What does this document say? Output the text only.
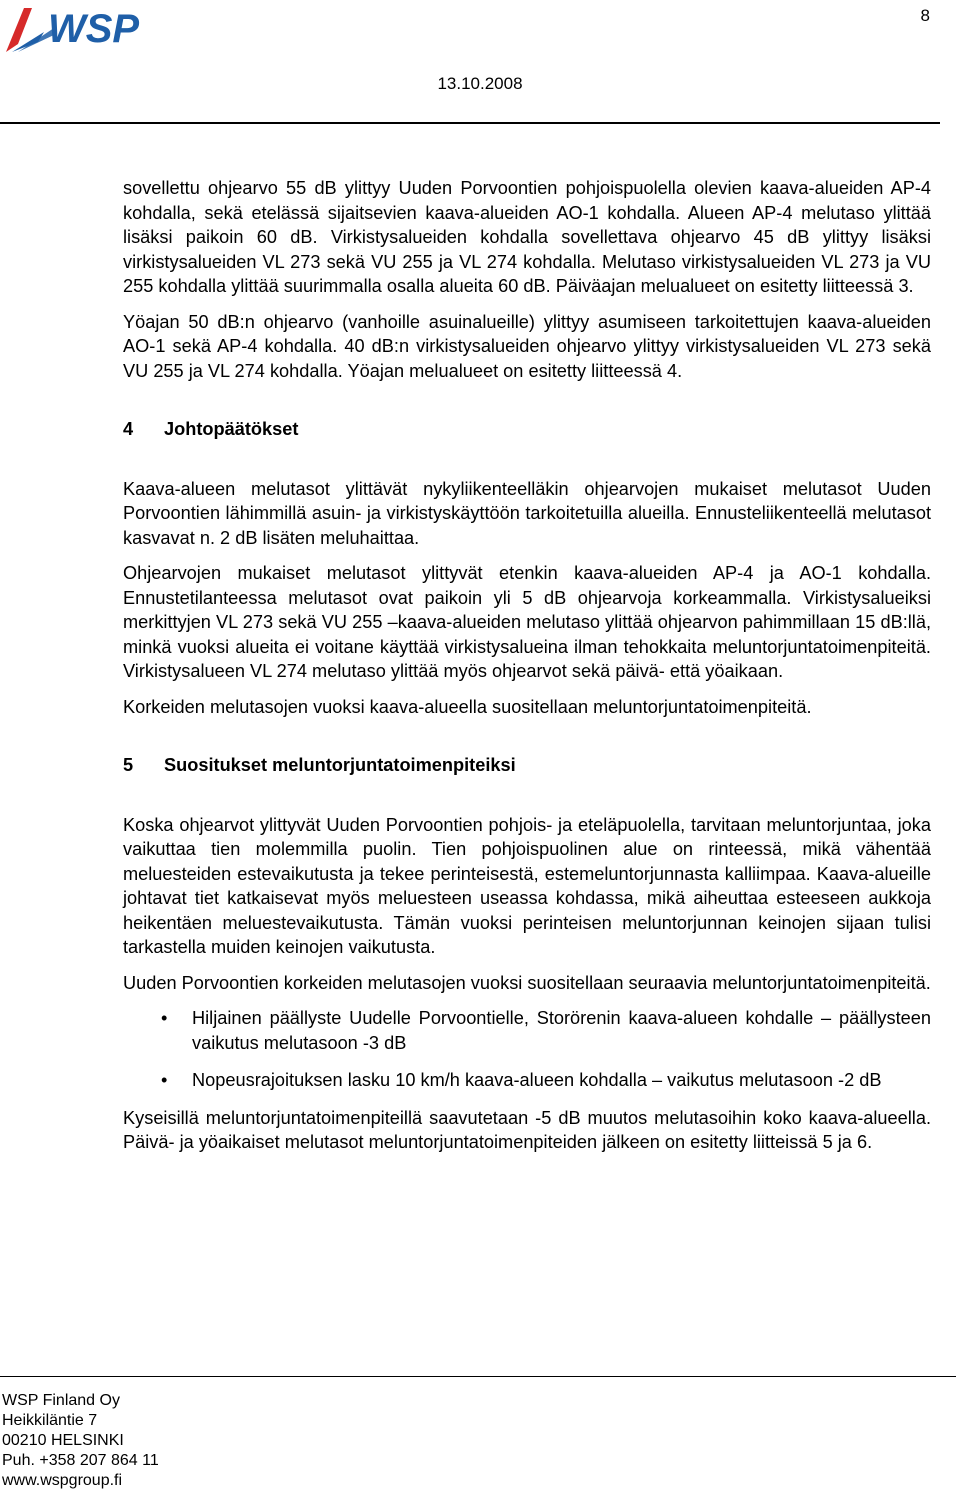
WSP	8
13.10.2008

sovellettu ohjearvo 55 dB ylittyy Uuden Porvoontien pohjoispuolella olevien kaava-alueiden AP-4 kohdalla, sekä etelässä sijaitsevien kaava-alueiden AO-1 kohdalla. Alueen AP-4 melutaso ylittää lisäksi paikoin 60 dB. Virkistysalueiden kohdalla sovellettava ohjearvo 45 dB ylittyy lisäksi virkistysalueiden VL 273 sekä VU 255 ja VL 274 kohdalla. Melutaso virkistysalueiden VL 273 ja VU 255 kohdalla ylittää suurimmalla osalla alueita 60 dB. Päiväajan melualueet on esitetty liitteessä 3.

Yöajan 50 dB:n ohjearvo (vanhoille asuinalueille) ylittyy asumiseen tarkoitettujen kaava-alueiden AO-1 sekä AP-4 kohdalla. 40 dB:n virkistysalueiden ohjearvo ylittyy virkistysalueiden VL 273 sekä VU 255 ja VL 274 kohdalla. Yöajan melualueet on esitetty liitteessä 4.

4	Johtopäätökset

Kaava-alueen melutasot ylittävät nykyliikenteelläkin ohjearvojen mukaiset melutasot Uuden Porvoontien lähimmillä asuin- ja virkistyskäyttöön tarkoitetuilla alueilla. Ennusteliikenteellä melutasot kasvavat n. 2 dB lisäten meluhaittaa.

Ohjearvojen mukaiset melutasot ylittyvät etenkin kaava-alueiden AP-4 ja AO-1 kohdalla. Ennustetilanteessa melutasot ovat paikoin yli 5 dB ohjearvoja korkeammalla. Virkistysalueiksi merkittyjen VL 273 sekä VU 255 –kaava-alueiden melutaso ylittää ohjearvon pahimmillaan 15 dB:llä, minkä vuoksi alueita ei voitane käyttää virkistysalueina ilman tehokkaita meluntorjuntatoimenpiteitä. Virkistysalueen VL 274 melutaso ylittää myös ohjearvot sekä päivä- että yöaikaan.

Korkeiden melutasojen vuoksi kaava-alueella suositellaan meluntorjuntatoimenpiteitä.

5	Suositukset meluntorjuntatoimenpiteiksi

Koska ohjearvot ylittyvät Uuden Porvoontien pohjois- ja eteläpuolella, tarvitaan meluntorjuntaa, joka vaikuttaa tien molemmilla puolin. Tien pohjoispuolinen alue on rinteessä, mikä vähentää meluesteiden estevaikutusta ja tekee perinteisestä, estemeluntorjunnasta kalliimpaa. Kaava-alueille johtavat tiet katkaisevat myös meluesteen useassa kohdassa, mikä aiheuttaa esteeseen aukkoja heikentäen meluestevaikutusta. Tämän vuoksi perinteisen meluntorjunnan keinojen sijaan tulisi tarkastella muiden keinojen vaikutusta.

Uuden Porvoontien korkeiden melutasojen vuoksi suositellaan seuraavia meluntorjuntatoimenpiteitä.

• Hiljainen päällyste Uudelle Porvoontielle, Storörenin kaava-alueen kohdalle – päällysteen vaikutus melutasoon -3 dB
• Nopeusrajoituksen lasku 10 km/h kaava-alueen kohdalla – vaikutus melutasoon -2 dB

Kyseisillä meluntorjuntatoimenpiteillä saavutetaan -5 dB muutos melutasoihin koko kaava-alueella. Päivä- ja yöaikaiset melutasot meluntorjuntatoimenpiteiden jälkeen on esitetty liitteissä 5 ja 6.

WSP Finland Oy
Heikkiläntie 7
00210 HELSINKI
Puh. +358 207 864 11
www.wspgroup.fi
